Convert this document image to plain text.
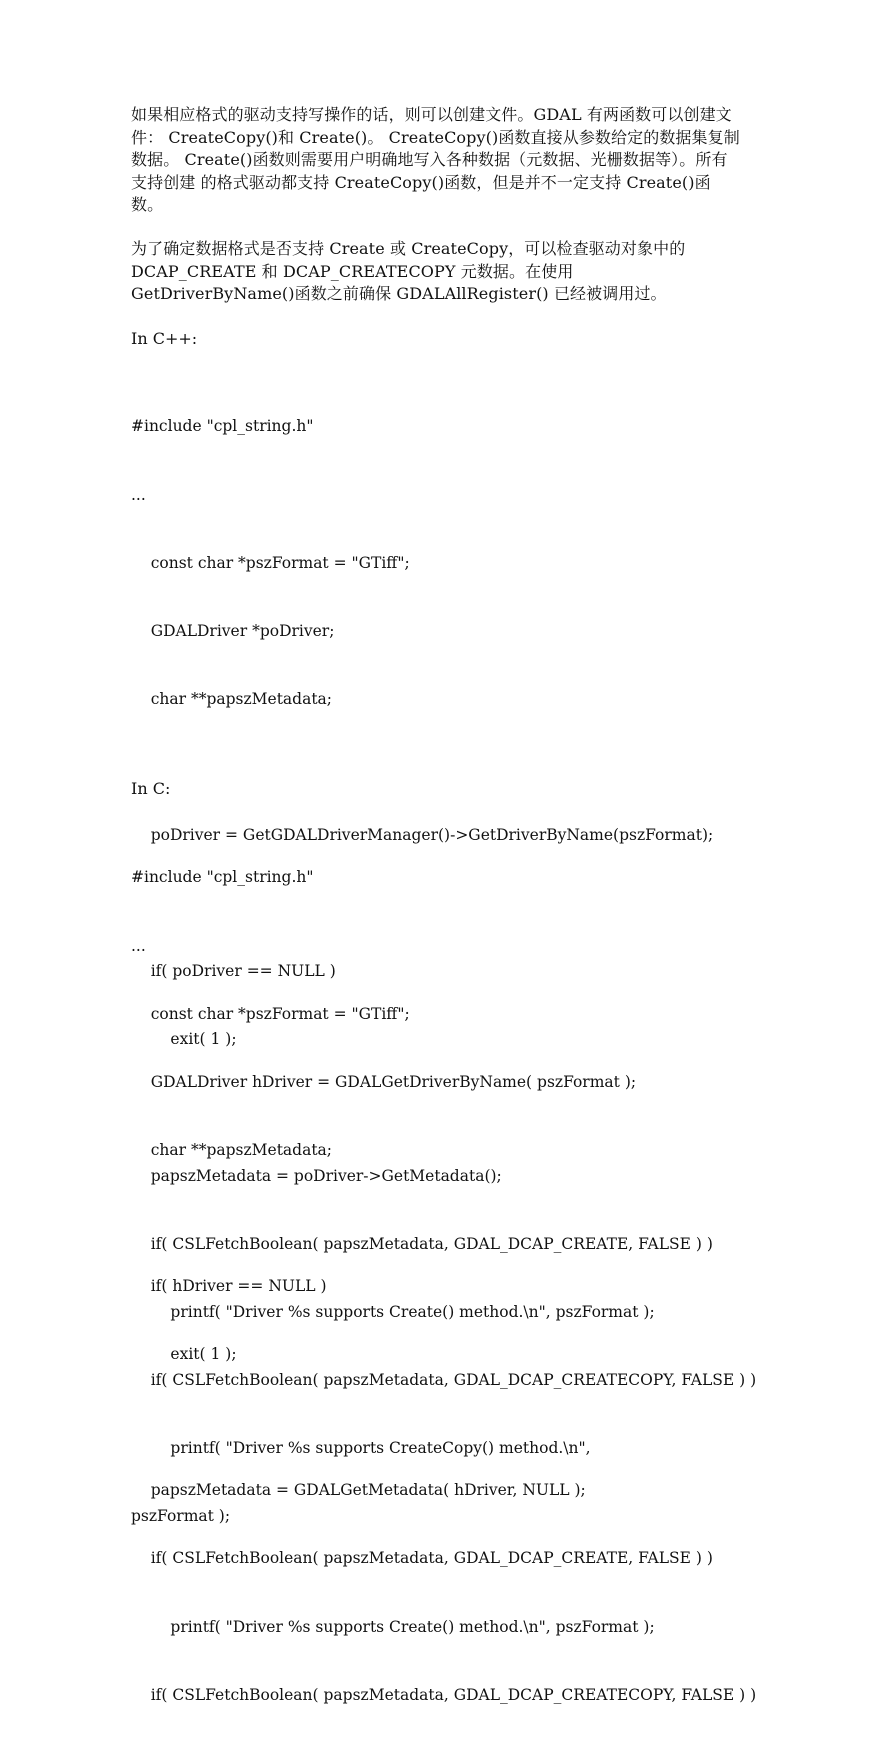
如果相应格式的驱动支持写操作的话，则可以创建文件。GDAL 有两函数可以创建文件： CreateCopy()和 Create()。 CreateCopy()函数直接从参数给定的数据集复制数据。 Create()函数则需要用户明确地写入各种数据（元数据、光栅数据等）。所有支持创建 的格式驱动都支持 CreateCopy()函数，但是并不一定支持 Create()函数。

为了确定数据格式是否支持 Create 或 CreateCopy，可以检查驱动对象中的DCAP_CREATE 和 DCAP_CREATECOPY 元数据。在使用 GetDriverByName()函数之前确保 GDALAllRegister() 已经被调用过。

In C++:

#include "cpl_string.h"

...

const char *pszFormat = "GTiff";

GDALDriver *poDriver;

char **papszMetadata;

poDriver = GetGDALDriverManager()->GetDriverByName(pszFormat);

if( poDriver == NULL )

exit( 1 );

papszMetadata = poDriver->GetMetadata();

if( CSLFetchBoolean( papszMetadata, GDAL_DCAP_CREATE, FALSE ) )

printf( "Driver %s supports Create() method.\n", pszFormat );

if( CSLFetchBoolean( papszMetadata, GDAL_DCAP_CREATECOPY, FALSE ) )

printf( "Driver %s supports CreateCopy() method.\n",

pszFormat );

In C:

#include "cpl_string.h"

...

const char *pszFormat = "GTiff";

GDALDriver hDriver = GDALGetDriverByName( pszFormat );

char **papszMetadata;

if( hDriver == NULL )

exit( 1 );

papszMetadata = GDALGetMetadata( hDriver, NULL );

if( CSLFetchBoolean( papszMetadata, GDAL_DCAP_CREATE, FALSE ) )

printf( "Driver %s supports Create() method.\n", pszFormat );

if( CSLFetchBoolean( papszMetadata, GDAL_DCAP_CREATECOPY, FALSE ) )
